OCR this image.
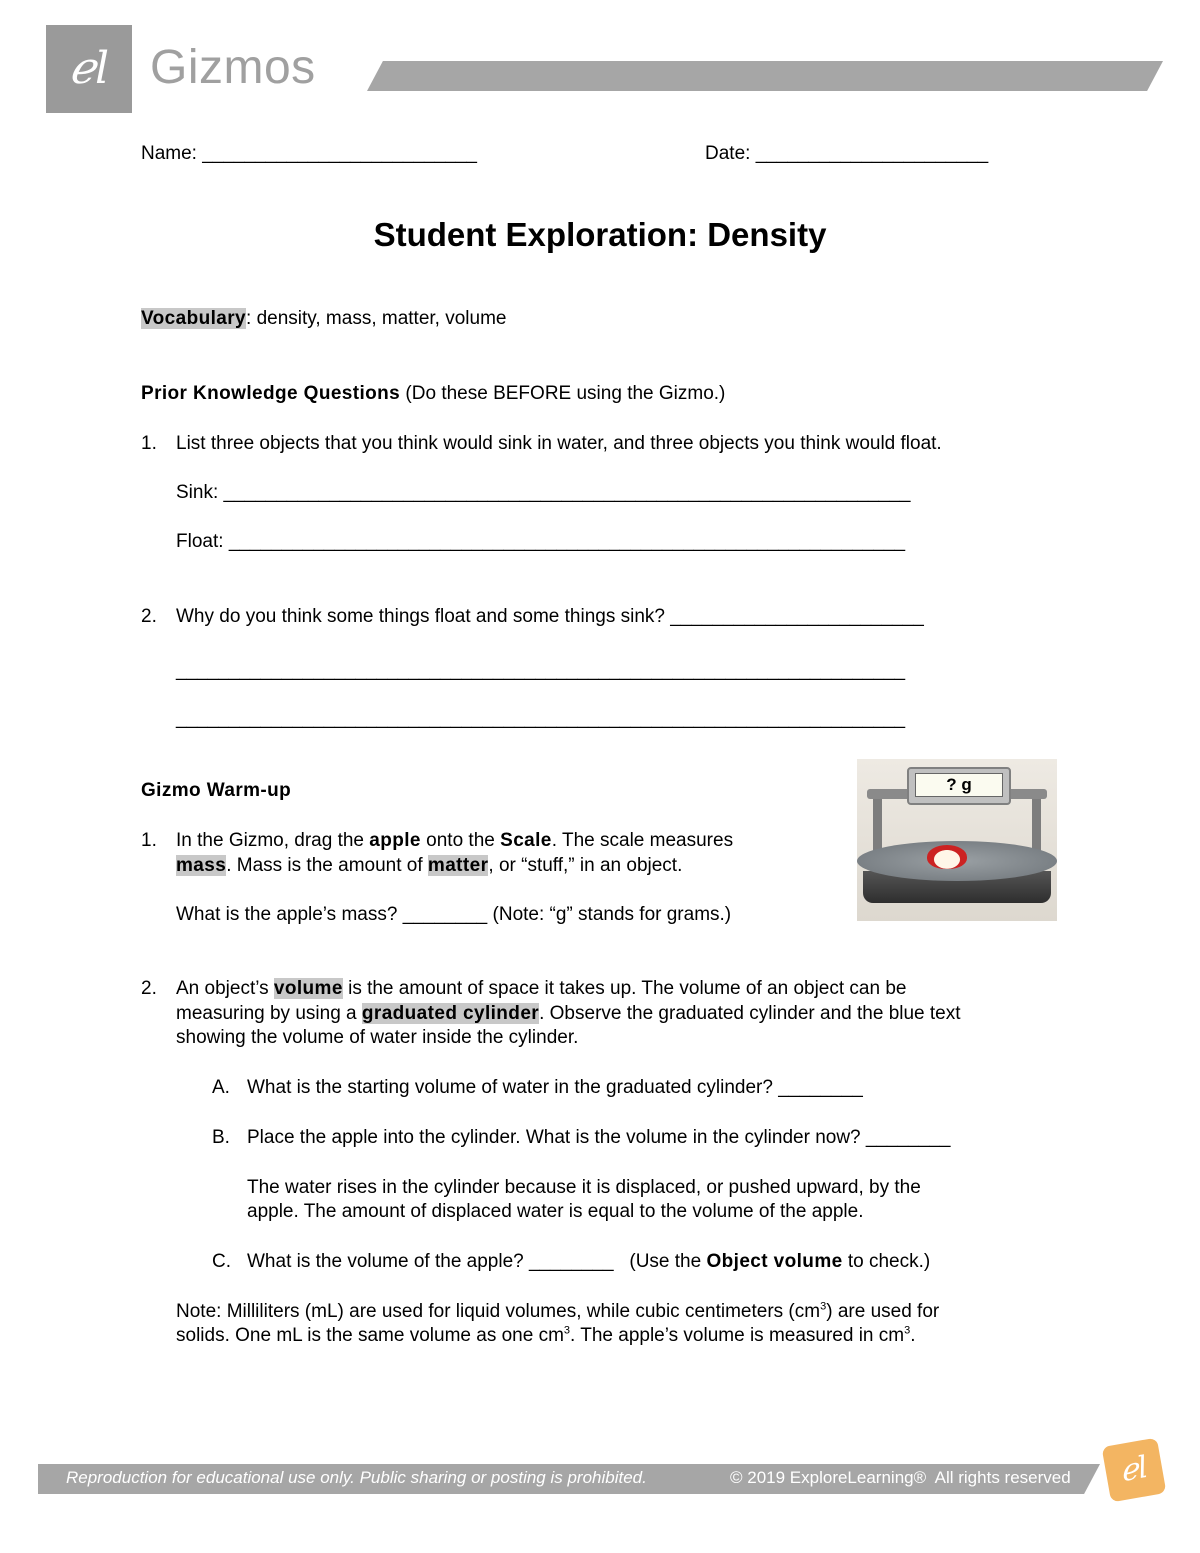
ℯl Gizmos
Name: __________________________	Date: ______________________
Student Exploration: Density
Vocabulary: density, mass, matter, volume
Prior Knowledge Questions (Do these BEFORE using the Gizmo.)
1. List three objects that you think would sink in water, and three objects you think would float.
Sink: _________________________________________________________________
Float: ________________________________________________________________
2. Why do you think some things float and some things sink? ________________________
_____________________________________________________________________
_____________________________________________________________________
Gizmo Warm-up	? g
1. In the Gizmo, drag the apple onto the Scale. The scale measures
mass. Mass is the amount of matter, or “stuff,” in an object.
What is the apple’s mass? ________ (Note: “g” stands for grams.)
2. An object’s volume is the amount of space it takes up. The volume of an object can be
measuring by using a graduated cylinder. Observe the graduated cylinder and the blue text
showing the volume of water inside the cylinder.
A. What is the starting volume of water in the graduated cylinder? ________
B. Place the apple into the cylinder. What is the volume in the cylinder now? ________
The water rises in the cylinder because it is displaced, or pushed upward, by the
apple. The amount of displaced water is equal to the volume of the apple.
C. What is the volume of the apple? ________   (Use the Object volume to check.)
Note: Milliliters (mL) are used for liquid volumes, while cubic centimeters $(cm^3)$ are used for
solids. One mL is the same volume as one $cm^3$. The apple’s volume is measured in $cm^3$.
Reproduction for educational use only. Public sharing or posting is prohibited.	© 2019 ExploreLearning®  All rights reserved	ℯl
